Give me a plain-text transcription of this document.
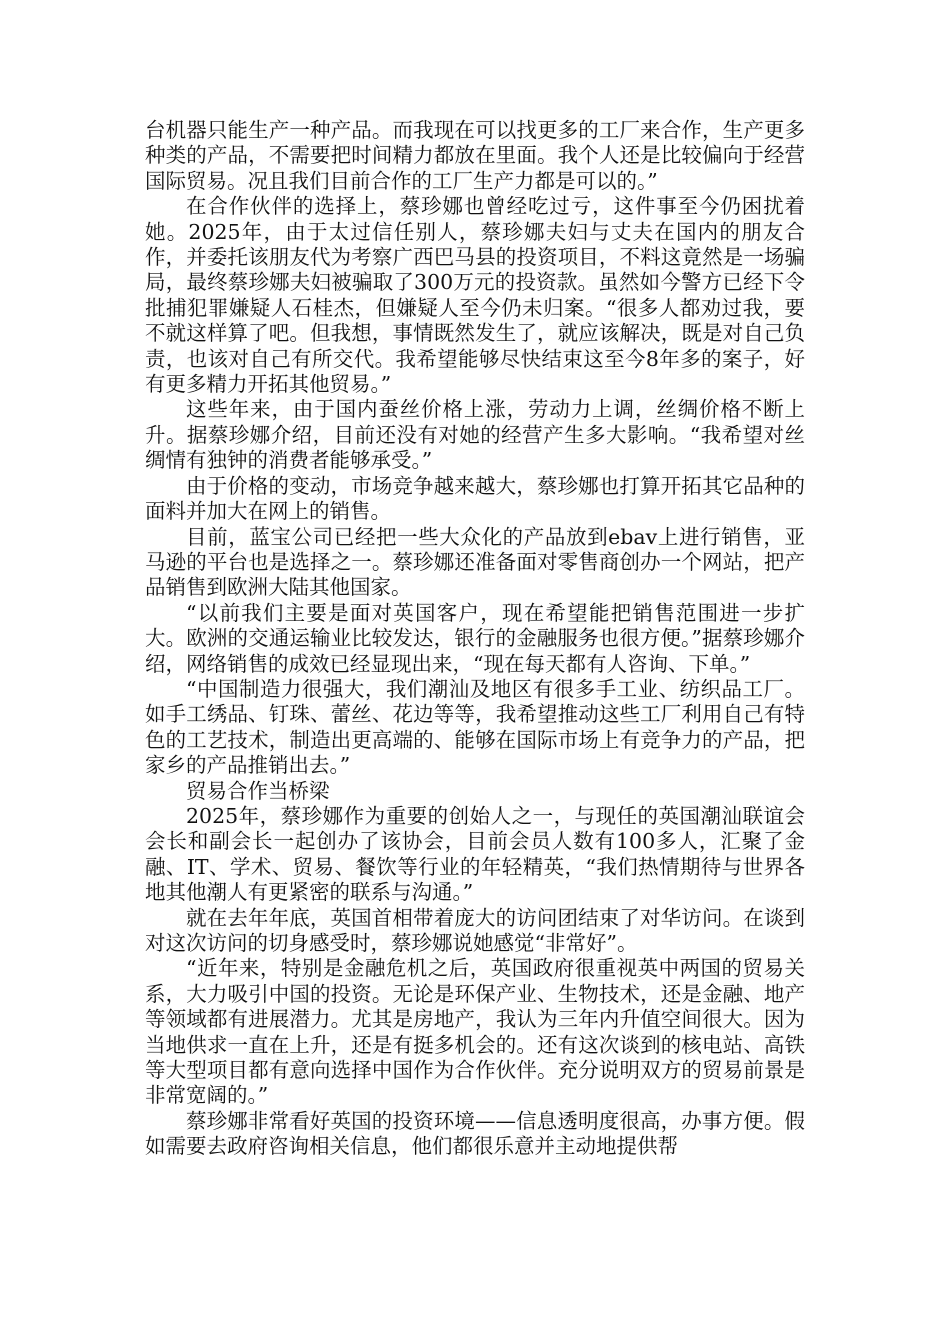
台机器只能生产一种产品。而我现在可以找更多的工厂来合作，生产更多种类的产品，不需要把时间精力都放在里面。我个人还是比较偏向于经营国际贸易。况且我们目前合作的工厂生产力都是可以的。”

在合作伙伴的选择上，蔡珍娜也曾经吃过亏，这件事至今仍困扰着她。2025年，由于太过信任别人，蔡珍娜夫妇与丈夫在国内的朋友合作，并委托该朋友代为考察广西巴马县的投资项目，不料这竟然是一场骗局，最终蔡珍娜夫妇被骗取了300万元的投资款。虽然如今警方已经下令批捕犯罪嫌疑人石桂杰，但嫌疑人至今仍未归案。“很多人都劝过我，要不就这样算了吧。但我想，事情既然发生了，就应该解决，既是对自己负责，也该对自己有所交代。我希望能够尽快结束这至今8年多的案子，好有更多精力开拓其他贸易。”

这些年来，由于国内蚕丝价格上涨，劳动力上调，丝绸价格不断上升。据蔡珍娜介绍，目前还没有对她的经营产生多大影响。“我希望对丝绸情有独钟的消费者能够承受。”

由于价格的变动，市场竞争越来越大，蔡珍娜也打算开拓其它品种的面料并加大在网上的销售。

目前，蓝宝公司已经把一些大众化的产品放到ebav上进行销售，亚马逊的平台也是选择之一。蔡珍娜还准备面对零售商创办一个网站，把产品销售到欧洲大陆其他国家。

“以前我们主要是面对英国客户，现在希望能把销售范围进一步扩大。欧洲的交通运输业比较发达，银行的金融服务也很方便。”据蔡珍娜介绍，网络销售的成效已经显现出来，“现在每天都有人咨询、下单。”

“中国制造力很强大，我们潮汕及地区有很多手工业、纺织品工厂。如手工绣品、钉珠、蕾丝、花边等等，我希望推动这些工厂利用自己有特色的工艺技术，制造出更高端的、能够在国际市场上有竞争力的产品，把家乡的产品推销出去。”

贸易合作当桥梁

2025年，蔡珍娜作为重要的创始人之一，与现任的英国潮汕联谊会会长和副会长一起创办了该协会，目前会员人数有100多人，汇聚了金融、IT、学术、贸易、餐饮等行业的年轻精英，“我们热情期待与世界各地其他潮人有更紧密的联系与沟通。”

就在去年年底，英国首相带着庞大的访问团结束了对华访问。在谈到对这次访问的切身感受时，蔡珍娜说她感觉“非常好”。

“近年来，特别是金融危机之后，英国政府很重视英中两国的贸易关系，大力吸引中国的投资。无论是环保产业、生物技术，还是金融、地产等领域都有进展潜力。尤其是房地产，我认为三年内升值空间很大。因为当地供求一直在上升，还是有挺多机会的。还有这次谈到的核电站、高铁等大型项目都有意向选择中国作为合作伙伴。充分说明双方的贸易前景是非常宽阔的。”

蔡珍娜非常看好英国的投资环境——信息透明度很高，办事方便。假如需要去政府咨询相关信息，他们都很乐意并主动地提供帮
